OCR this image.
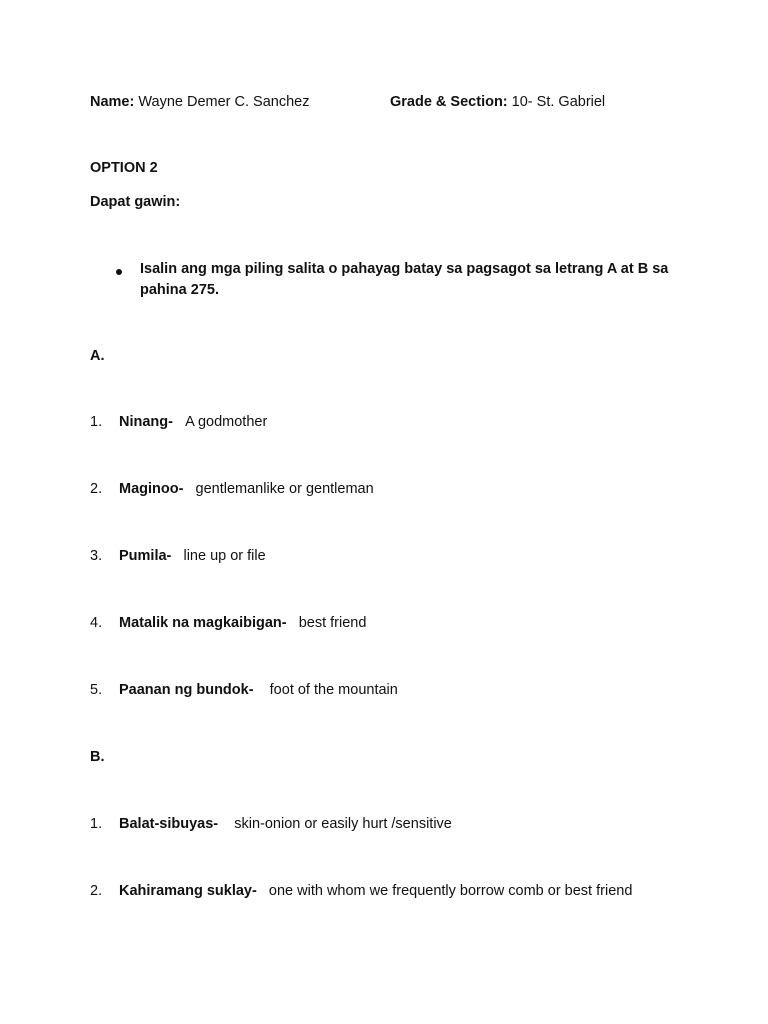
Name: Wayne Demer C. Sanchez	Grade & Section: 10- St. Gabriel
OPTION 2
Dapat gawin:
Isalin ang mga piling salita o pahayag batay sa pagsagot sa letrang A at B sa pahina 275.
A.
1. Ninang- A godmother
2. Maginoo- gentlemanlike or gentleman
3. Pumila- line up or file
4. Matalik na magkaibigan- best friend
5. Paanan ng bundok- foot of the mountain
B.
1. Balat-sibuyas- skin-onion or easily hurt /sensitive
2. Kahiramang suklay- one with whom we frequently borrow comb or best friend
